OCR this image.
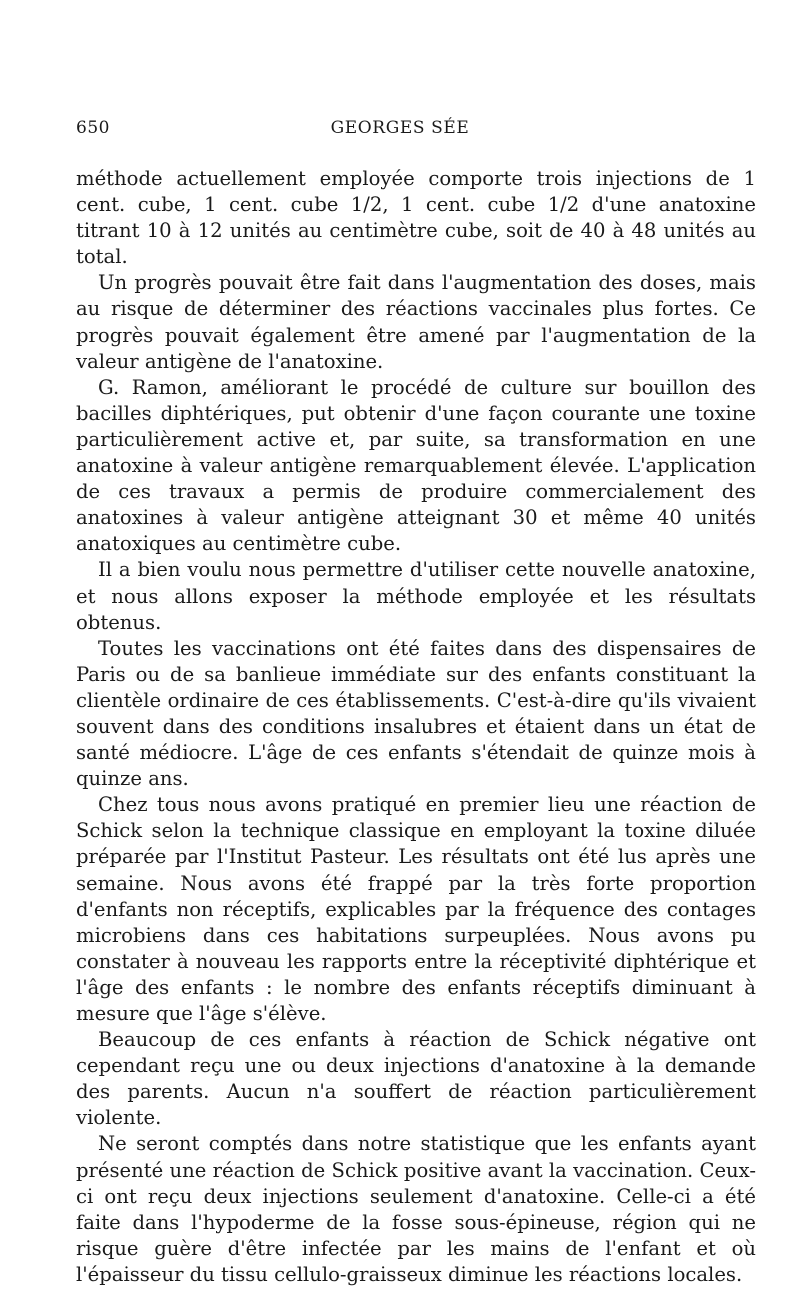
650	GEORGES SÉE

méthode actuellement employée comporte trois injections de 1 cent. cube, 1 cent. cube 1/2, 1 cent. cube 1/2 d'une anatoxine titrant 10 à 12 unités au centimètre cube, soit de 40 à 48 unités au total.

Un progrès pouvait être fait dans l'augmentation des doses, mais au risque de déterminer des réactions vaccinales plus fortes. Ce progrès pouvait également être amené par l'augmentation de la valeur antigène de l'anatoxine.

G. Ramon, améliorant le procédé de culture sur bouillon des bacilles diphtériques, put obtenir d'une façon courante une toxine particulièrement active et, par suite, sa transformation en une anatoxine à valeur antigène remarquablement élevée. L'application de ces travaux a permis de produire commercialement des anatoxines à valeur antigène atteignant 30 et même 40 unités anatoxiques au centimètre cube.

Il a bien voulu nous permettre d'utiliser cette nouvelle anatoxine, et nous allons exposer la méthode employée et les résultats obtenus.

Toutes les vaccinations ont été faites dans des dispensaires de Paris ou de sa banlieue immédiate sur des enfants constituant la clientèle ordinaire de ces établissements. C'est-à-dire qu'ils vivaient souvent dans des conditions insalubres et étaient dans un état de santé médiocre. L'âge de ces enfants s'étendait de quinze mois à quinze ans.

Chez tous nous avons pratiqué en premier lieu une réaction de Schick selon la technique classique en employant la toxine diluée préparée par l'Institut Pasteur. Les résultats ont été lus après une semaine. Nous avons été frappé par la très forte proportion d'enfants non réceptifs, explicables par la fréquence des contages microbiens dans ces habitations surpeuplées. Nous avons pu constater à nouveau les rapports entre la réceptivité diphtérique et l'âge des enfants : le nombre des enfants réceptifs diminuant à mesure que l'âge s'élève.

Beaucoup de ces enfants à réaction de Schick négative ont cependant reçu une ou deux injections d'anatoxine à la demande des parents. Aucun n'a souffert de réaction particulièrement violente.

Ne seront comptés dans notre statistique que les enfants ayant présenté une réaction de Schick positive avant la vaccination. Ceux-ci ont reçu deux injections seulement d'anatoxine. Celle-ci a été faite dans l'hypoderme de la fosse sous-épineuse, région qui ne risque guère d'être infectée par les mains de l'enfant et où l'épaisseur du tissu cellulo-graisseux diminue les réactions locales.
